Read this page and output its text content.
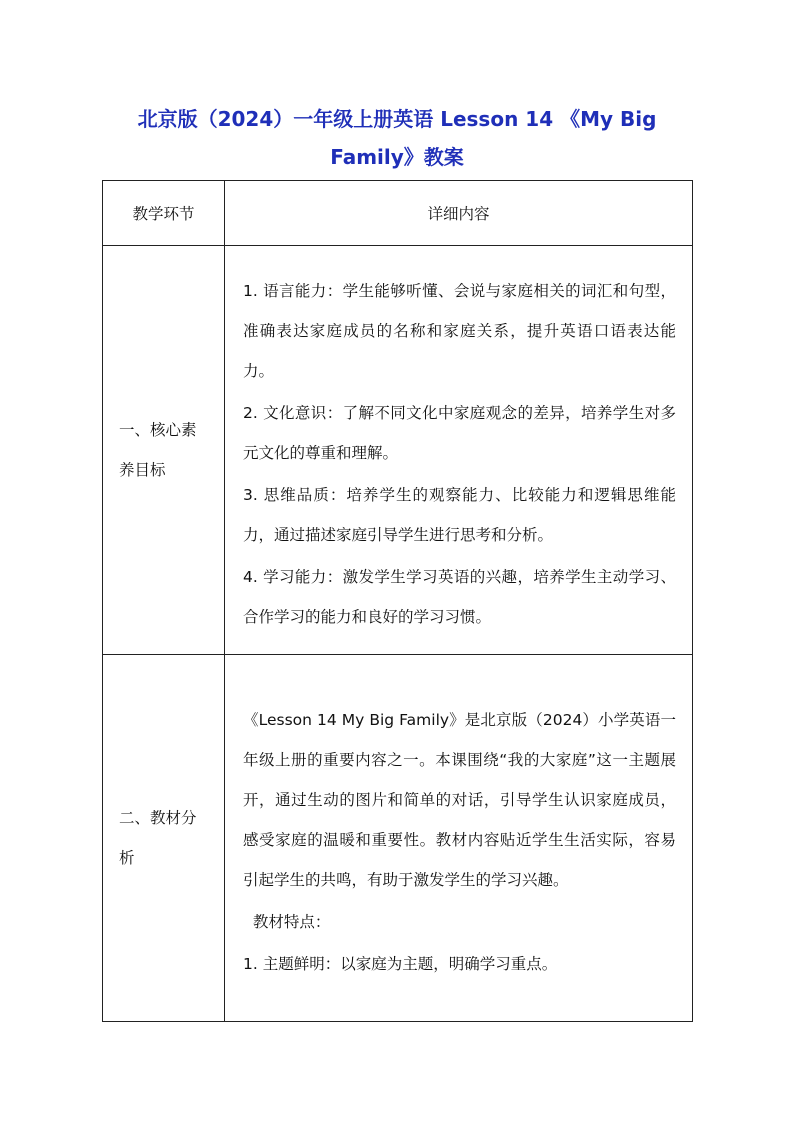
北京版（2024）一年级上册英语 Lesson 14 《My Big
Family》教案
教学环节	详细内容
一、核心素养目标	1. 语言能力：学生能够听懂、会说与家庭相关的词汇和句型，准确表达家庭成员的名称和家庭关系，提升英语口语表达能力。

2. 文化意识：了解不同文化中家庭观念的差异，培养学生对多元文化的尊重和理解。

3. 思维品质：培养学生的观察能力、比较能力和逻辑思维能力，通过描述家庭引导学生进行思考和分析。

4. 学习能力：激发学生学习英语的兴趣，培养学生主动学习、合作学习的能力和良好的学习习惯。

二、教材分析	《Lesson 14 My Big Family》是北京版（2024）小学英语一年级上册的重要内容之一。本课围绕“我的大家庭”这一主题展开，通过生动的图片和简单的对话，引导学生认识家庭成员，感受家庭的温暖和重要性。教材内容贴近学生生活实际，容易引起学生的共鸣，有助于激发学生的学习兴趣。

教材特点：

1. 主题鲜明：以家庭为主题，明确学习重点。
